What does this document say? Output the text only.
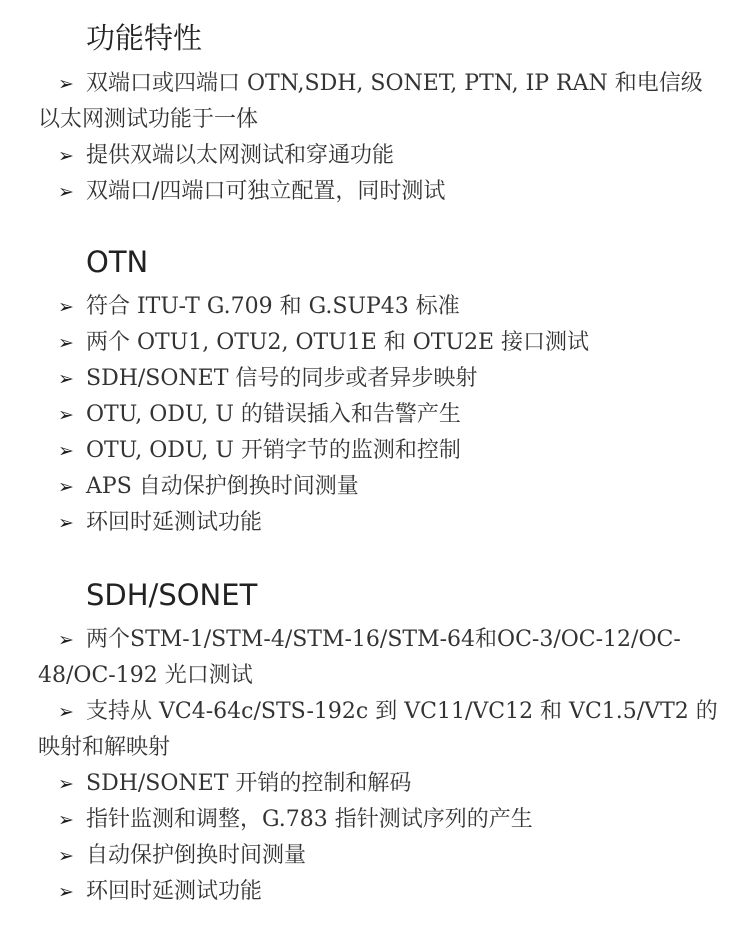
功能特性
➢ 双端口或四端口 OTN,SDH, SONET, PTN, IP RAN 和电信级以太网测试功能于一体
➢ 提供双端以太网测试和穿通功能
➢ 双端口/四端口可独立配置，同时测试
OTN
➢ 符合 ITU-T G.709 和 G.SUP43 标准
➢ 两个 OTU1, OTU2, OTU1E 和 OTU2E 接口测试
➢ SDH/SONET 信号的同步或者异步映射
➢ OTU, ODU, U 的错误插入和告警产生
➢ OTU, ODU, U 开销字节的监测和控制
➢ APS 自动保护倒换时间测量
➢ 环回时延测试功能
SDH/SONET
➢ 两个STM-1/STM-4/STM-16/STM-64和OC-3/OC-12/OC-48/OC-192 光口测试
➢ 支持从 VC4-64c/STS-192c 到 VC11/VC12 和 VC1.5/VT2 的映射和解映射
➢ SDH/SONET 开销的控制和解码
➢ 指针监测和调整，G.783 指针测试序列的产生
➢ 自动保护倒换时间测量
➢ 环回时延测试功能
